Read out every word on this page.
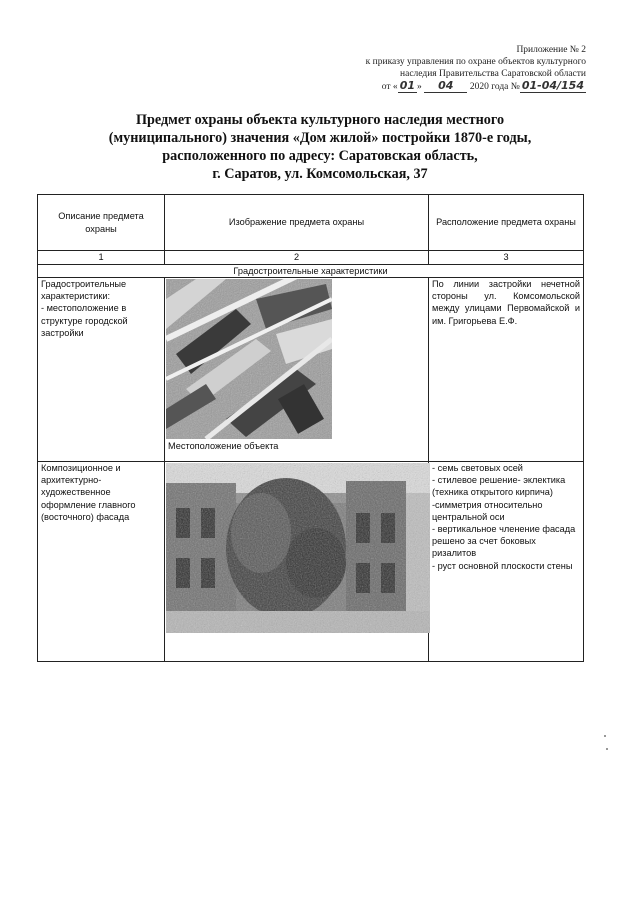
Приложение № 2
к приказу управления по охране объектов культурного
наследия Правительства Саратовской области
от « 01 » 04 2020 года № 01-04/154
Предмет охраны объекта культурного наследия местного
(муниципального) значения «Дом жилой» постройки 1870-е годы,
расположенного по адресу: Саратовская область,
г. Саратов, ул. Комсомольская, 37
Описание предмета охраны	Изображение предмета охраны	Расположение предмета охраны
1	2	3
Градостроительные характеристики		

Градостроительные характеристики:
- местоположение в структуре городской застройки	Местоположение объекта	По линии застройки нечетной стороны ул. Комсомольской между улицами Первомайской и им. Григорьева Е.Ф.

Композиционное и архитектурно-художественное оформление главного (восточного) фасада		- семь световых осей
- стилевое решение- эклектика (техника открытого кирпича)
-симметрия относительно центральной оси
- вертикальное членение фасада решено за счет боковых ризалитов
- руст основной плоскости стены
